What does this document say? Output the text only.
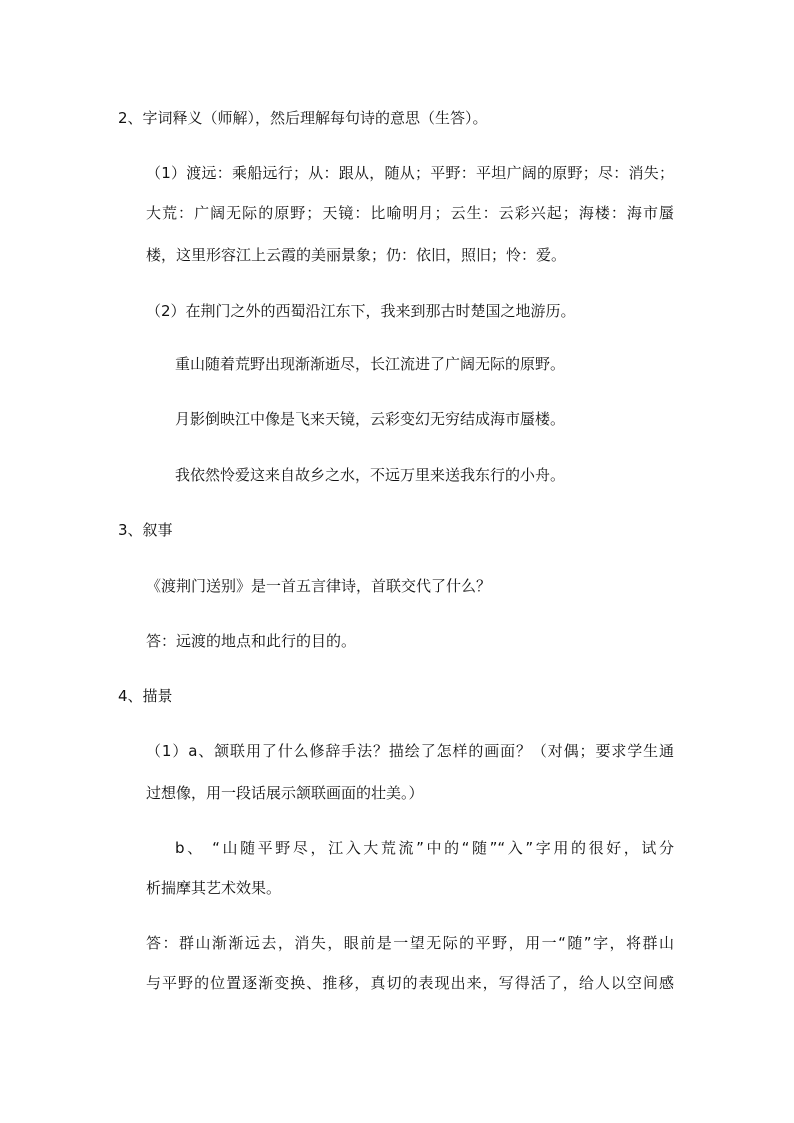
2、字词释义（师解），然后理解每句诗的意思（生答）。
（1）渡远：乘船远行；从：跟从，随从；平野：平坦广阔的原野；尽：消失；
大荒：广阔无际的原野；天镜：比喻明月；云生：云彩兴起；海楼：海市蜃
楼，这里形容江上云霞的美丽景象；仍：依旧，照旧；怜：爱。
（2）在荆门之外的西蜀沿江东下，我来到那古时楚国之地游历。
重山随着荒野出现渐渐逝尽，长江流进了广阔无际的原野。
月影倒映江中像是飞来天镜，云彩变幻无穷结成海市蜃楼。
我依然怜爱这来自故乡之水，不远万里来送我东行的小舟。
3、叙事
《渡荆门送别》是一首五言律诗，首联交代了什么？
答：远渡的地点和此行的目的。
4、描景
（1）a、颔联用了什么修辞手法？描绘了怎样的画面？（对偶；要求学生通
过想像，用一段话展示颔联画面的壮美。）
b、 “山随平野尽，江入大荒流”中的“随”“入”字用的很好，试分
析揣摩其艺术效果。
答：群山渐渐远去，消失，眼前是一望无际的平野，用一“随”字，将群山
与平野的位置逐渐变换、推移，真切的表现出来，写得活了，给人以空间感
